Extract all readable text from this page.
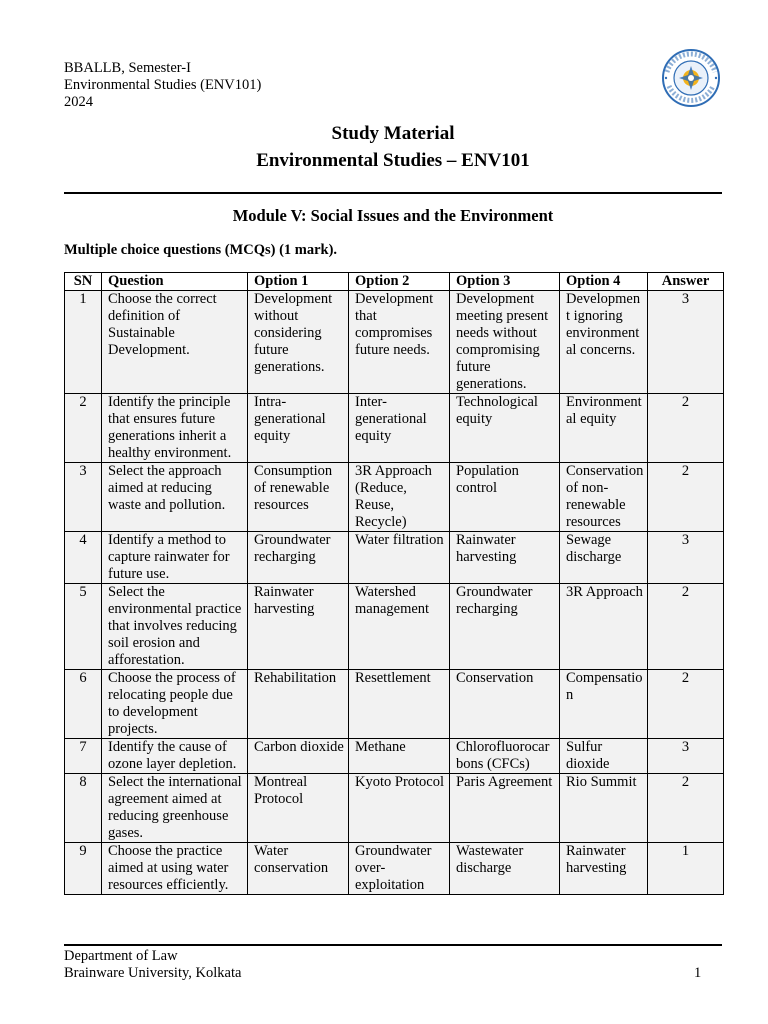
BBALLB, Semester-I
Environmental Studies (ENV101)
2024
Study Material
Environmental Studies – ENV101
Module V: Social Issues and the Environment
Multiple choice questions (MCQs) (1 mark).
SN	Question	Option 1	Option 2	Option 3	Option 4	Answer
1	Choose the correct definition of Sustainable Development.	Development without considering future generations.	Development that compromises future needs.	Development meeting present needs without compromising future generations.	Development ignoring environmental concerns.	3
2	Identify the principle that ensures future generations inherit a healthy environment.	Intra-generational equity	Inter-generational equity	Technological equity	Environmental equity	2
3	Select the approach aimed at reducing waste and pollution.	Consumption of renewable resources	3R Approach (Reduce, Reuse, Recycle)	Population control	Conservation of non-renewable resources	2
4	Identify a method to capture rainwater for future use.	Groundwater recharging	Water filtration	Rainwater harvesting	Sewage discharge	3
5	Select the environmental practice that involves reducing soil erosion and afforestation.	Rainwater harvesting	Watershed management	Groundwater recharging	3R Approach	2
6	Choose the process of relocating people due to development projects.	Rehabilitation	Resettlement	Conservation	Compensation	2
7	Identify the cause of ozone layer depletion.	Carbon dioxide	Methane	Chlorofluorocarbons (CFCs)	Sulfur dioxide	3
8	Select the international agreement aimed at reducing greenhouse gases.	Montreal Protocol	Kyoto Protocol	Paris Agreement	Rio Summit	2
9	Choose the practice aimed at using water resources efficiently.	Water conservation	Groundwater over-exploitation	Wastewater discharge	Rainwater harvesting	1
Department of Law
Brainware University, Kolkata	1
